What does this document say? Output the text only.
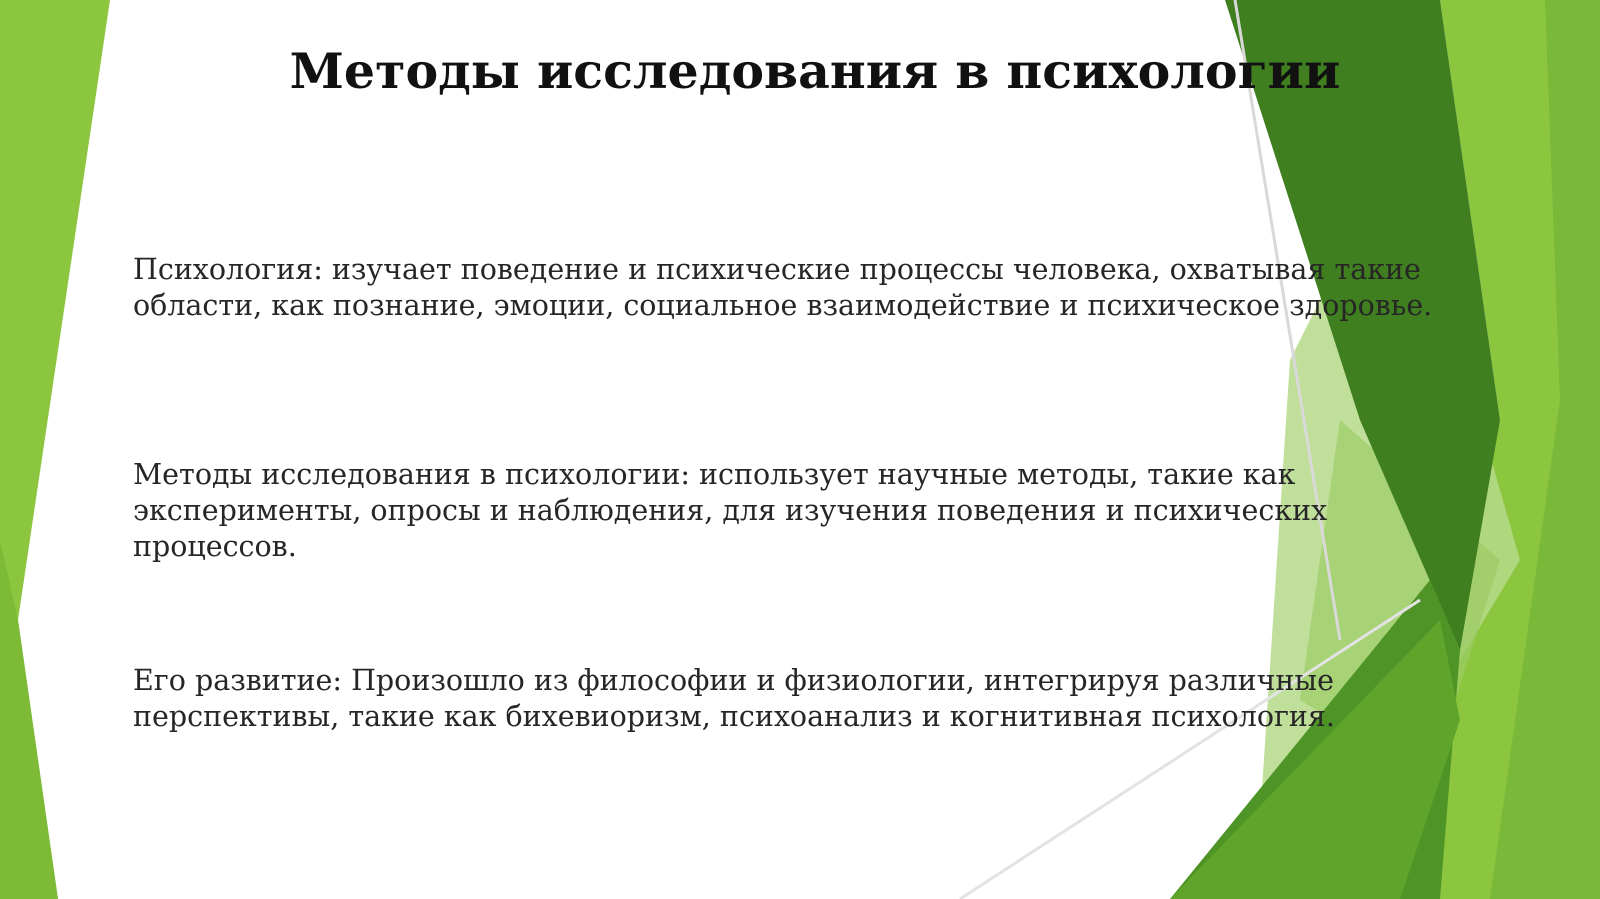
Методы исследования в психологии

Психология: изучает поведение и психические процессы человека, охватывая такие области, как познание, эмоции, социальное взаимодействие и психическое здоровье.

Методы исследования в психологии: использует научные методы, такие как эксперименты, опросы и наблюдения, для изучения поведения и психических процессов.

Его развитие: Произошло из философии и физиологии, интегрируя различные перспективы, такие как бихевиоризм, психоанализ и когнитивная психология.
